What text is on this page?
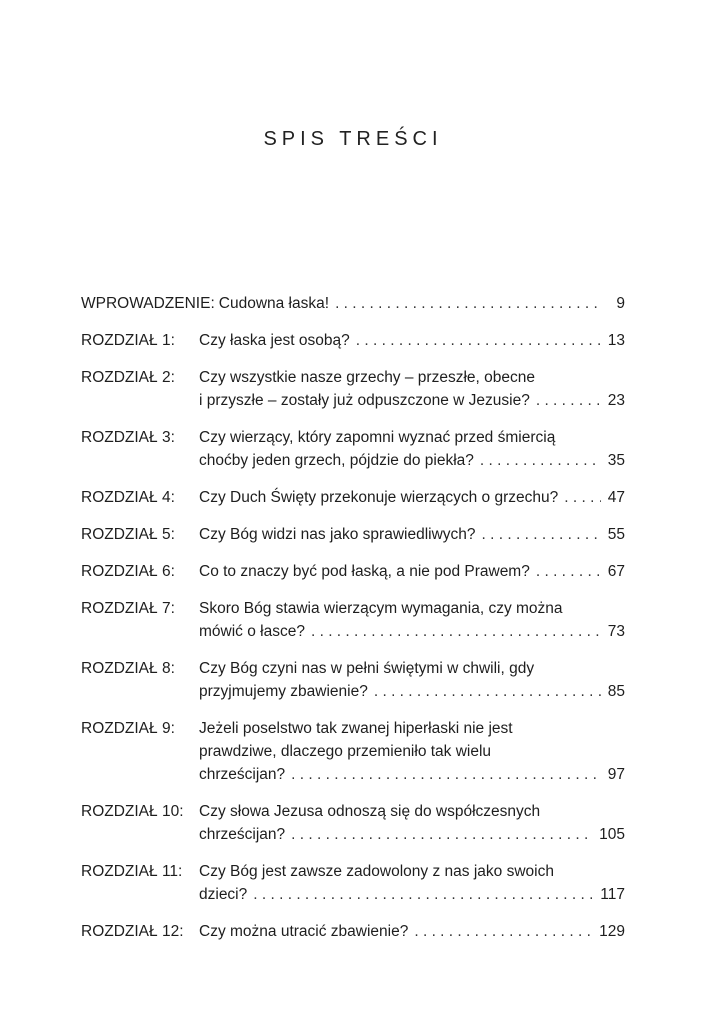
SPIS TREŚCI
WPROWADZENIE: Cudowna łaska! . . .	9
ROZDZIAŁ 1:	Czy łaska jest osobą? . . .	13
ROZDZIAŁ 2:	Czy wszystkie nasze grzechy – przeszłe, obecne
i przyszłe – zostały już odpuszczone w Jezusie? . . .	23
ROZDZIAŁ 3:	Czy wierzący, który zapomni wyznać przed śmiercią
choćby jeden grzech, pójdzie do piekła? . . .	35
ROZDZIAŁ 4:	Czy Duch Święty przekonuje wierzących o grzechu? . . .	47
ROZDZIAŁ 5:	Czy Bóg widzi nas jako sprawiedliwych? . . .	55
ROZDZIAŁ 6:	Co to znaczy być pod łaską, a nie pod Prawem? . . .	67
ROZDZIAŁ 7:	Skoro Bóg stawia wierzącym wymagania, czy można
mówić o łasce? . . .	73
ROZDZIAŁ 8:	Czy Bóg czyni nas w pełni świętymi w chwili, gdy
przyjmujemy zbawienie? . . .	85
ROZDZIAŁ 9:	Jeżeli poselstwo tak zwanej hiperłaski nie jest
prawdziwe, dlaczego przemieniło tak wielu
chrześcijan? . . .	97
ROZDZIAŁ 10:	Czy słowa Jezusa odnoszą się do współczesnych
chrześcijan? . . .	105
ROZDZIAŁ 11:	Czy Bóg jest zawsze zadowolony z nas jako swoich
dzieci? . . .	117
ROZDZIAŁ 12:	Czy można utracić zbawienie? . . .	129
